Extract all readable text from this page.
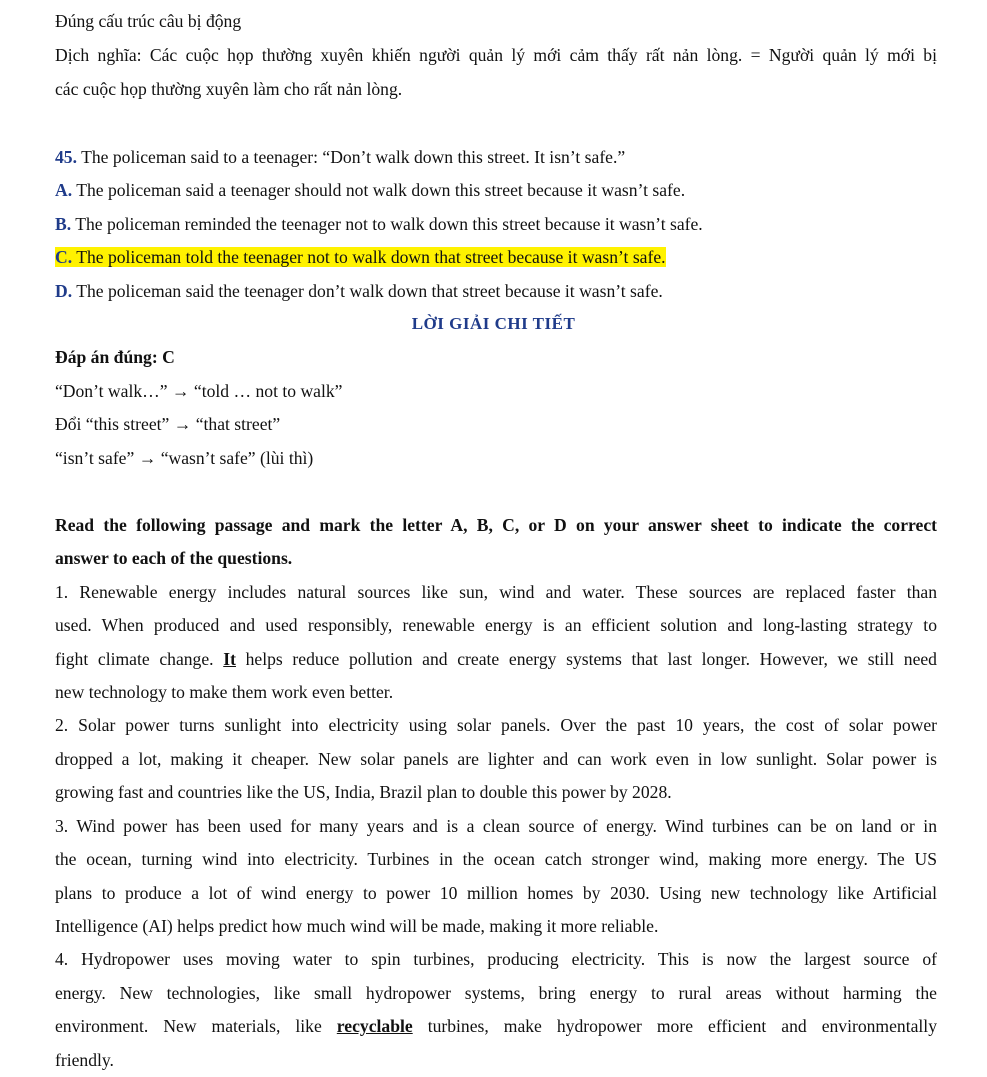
Đúng cấu trúc câu bị động
Dịch nghĩa: Các cuộc họp thường xuyên khiến người quản lý mới cảm thấy rất nản lòng. = Người quản lý mới bị
các cuộc họp thường xuyên làm cho rất nản lòng.
45. The policeman said to a teenager: “Don’t walk down this street. It isn’t safe.”
A. The policeman said a teenager should not walk down this street because it wasn’t safe.
B. The policeman reminded the teenager not to walk down this street because it wasn’t safe.
C. The policeman told the teenager not to walk down that street because it wasn’t safe.
D. The policeman said the teenager don’t walk down that street because it wasn’t safe.
LỜI GIẢI CHI TIẾT
Đáp án đúng: C
“Don’t walk…” → “told … not to walk”
Đổi “this street” → “that street”
“isn’t safe” → “wasn’t safe” (lùi thì)
Read the following passage and mark the letter A, B, C, or D on your answer sheet to indicate the correct
answer to each of the questions.
1. Renewable energy includes natural sources like sun, wind and water. These sources are replaced faster than
used. When produced and used responsibly, renewable energy is an efficient solution and long-lasting strategy to
fight climate change. It helps reduce pollution and create energy systems that last longer. However, we still need
new technology to make them work even better.
2. Solar power turns sunlight into electricity using solar panels. Over the past 10 years, the cost of solar power
dropped a lot, making it cheaper. New solar panels are lighter and can work even in low sunlight. Solar power is
growing fast and countries like the US, India, Brazil plan to double this power by 2028.
3. Wind power has been used for many years and is a clean source of energy. Wind turbines can be on land or in
the ocean, turning wind into electricity. Turbines in the ocean catch stronger wind, making more energy. The US
plans to produce a lot of wind energy to power 10 million homes by 2030. Using new technology like Artificial
Intelligence (AI) helps predict how much wind will be made, making it more reliable.
4. Hydropower uses moving water to spin turbines, producing electricity. This is now the largest source of
energy. New technologies, like small hydropower systems, bring energy to rural areas without harming the
environment. New materials, like recyclable turbines, make hydropower more efficient and environmentally
friendly.
